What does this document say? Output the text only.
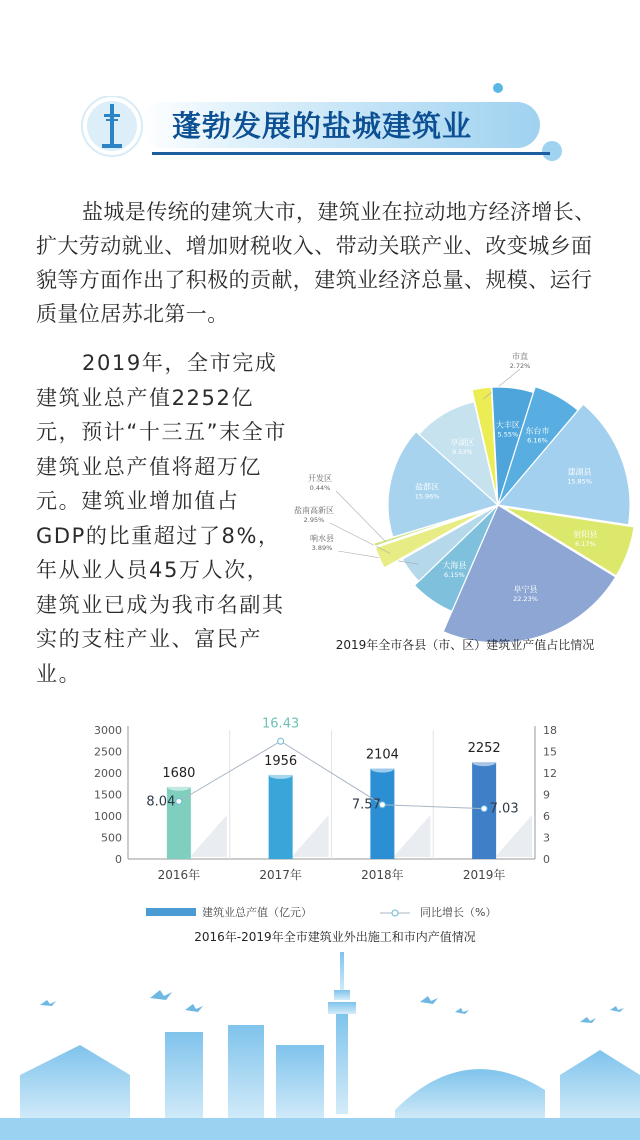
蓬勃发展的盐城建筑业
盐城是传统的建筑大市，建筑业在拉动地方经济增长、扩大劳动就业、增加财税收入、带动关联产业、改变城乡面貌等方面作出了积极的贡献，建筑业经济总量、规模、运行质量位居苏北第一。
2019年，全市完成建筑业总产值2252亿元，预计“十三五”末全市建筑业总产值将超万亿元。建筑业增加值占GDP的比重超过了8%，年从业人员45万人次，建筑业已成为我市名副其实的支柱产业、富民产业。
市直
2.72%
大丰区
5.55% 东台市
6.16%
建湖县
15.85%
射阳县
6.17%
阜宁县
22.23%
大海县
6.15%
响水县
3.89%
盐南高新区
2.95%
开发区
0.44%	盐都区
15.96%
亭湖区
9.53%
2019年全市各县（市、区）建筑业产值占比情况
3000
2500
2000
1500
1000
500
0
18
15
12
9
6
3
0
1680
2016年
1956
2017年
2104
2018年
2252
2019年
8.04
16.43
7.57	7.03
建筑业总产值（亿元）	同比增长（%）
2016年-2019年全市建筑业外出施工和市内产值情况
